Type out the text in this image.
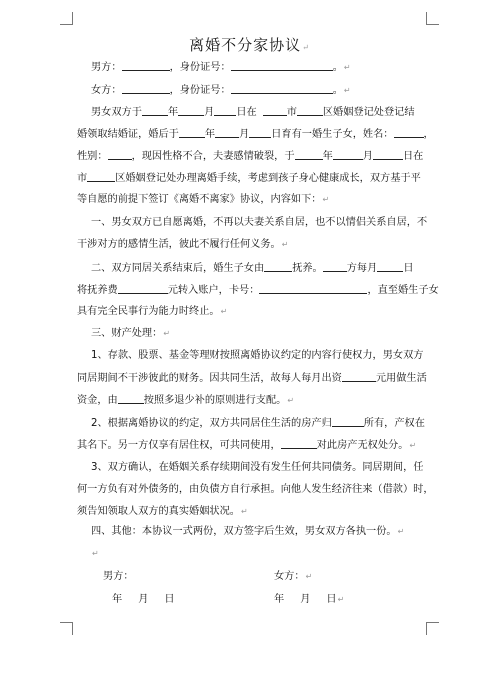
离婚不分家协议↵
男方：	，身份证号：	。↵
女方：	，身份证号：	。↵
男女双方于	年	月 日在	市	区婚姻登记处登记结
婚领取结婚证，婚后于	年 月 日育有一婚生子女，姓名：	，
性别： ，现因性格不合，夫妻感情破裂，于	年	月	日在
市	区婚姻登记处办理离婚手续，考虑到孩子身心健康成长，双方基于平
等自愿的前提下签订《离婚不离家》协议，内容如下：↵
一、男女双方已自愿离婚，不再以夫妻关系自居，也不以情侣关系自居，不
干涉对方的感情生活，彼此不履行任何义务。↵
二、双方同居关系结束后，婚生子女由	抚养。 方每月	日
将抚养费	元转入账户，卡号：	，直至婚生子女
具有完全民事行为能力时终止。↵
三、财产处理：↵
1、存款、股票、基金等理财按照离婚协议约定的内容行使权力，男女双方
同居期间不干涉彼此的财务。因共同生活，故每人每月出资	元用做生活
资金，由	按照多退少补的原则进行支配。↵
2、根据离婚协议的约定，双方共同居住生活的房产归	所有，产权在
其名下。另一方仅享有居住权，可共同使用，	对此房产无权处分。↵
3、双方确认，在婚姻关系存续期间没有发生任何共同债务。同居期间，任
何一方负有对外债务的，由负债方自行承担。向他人发生经济往来（借款）时，
须告知领取人双方的真实婚姻状况。↵
四、其他：本协议一式两份，双方签字后生效，男女双方各执一份。↵
↵
男方：	女方：↵
年 月 日	年 月 日↵
